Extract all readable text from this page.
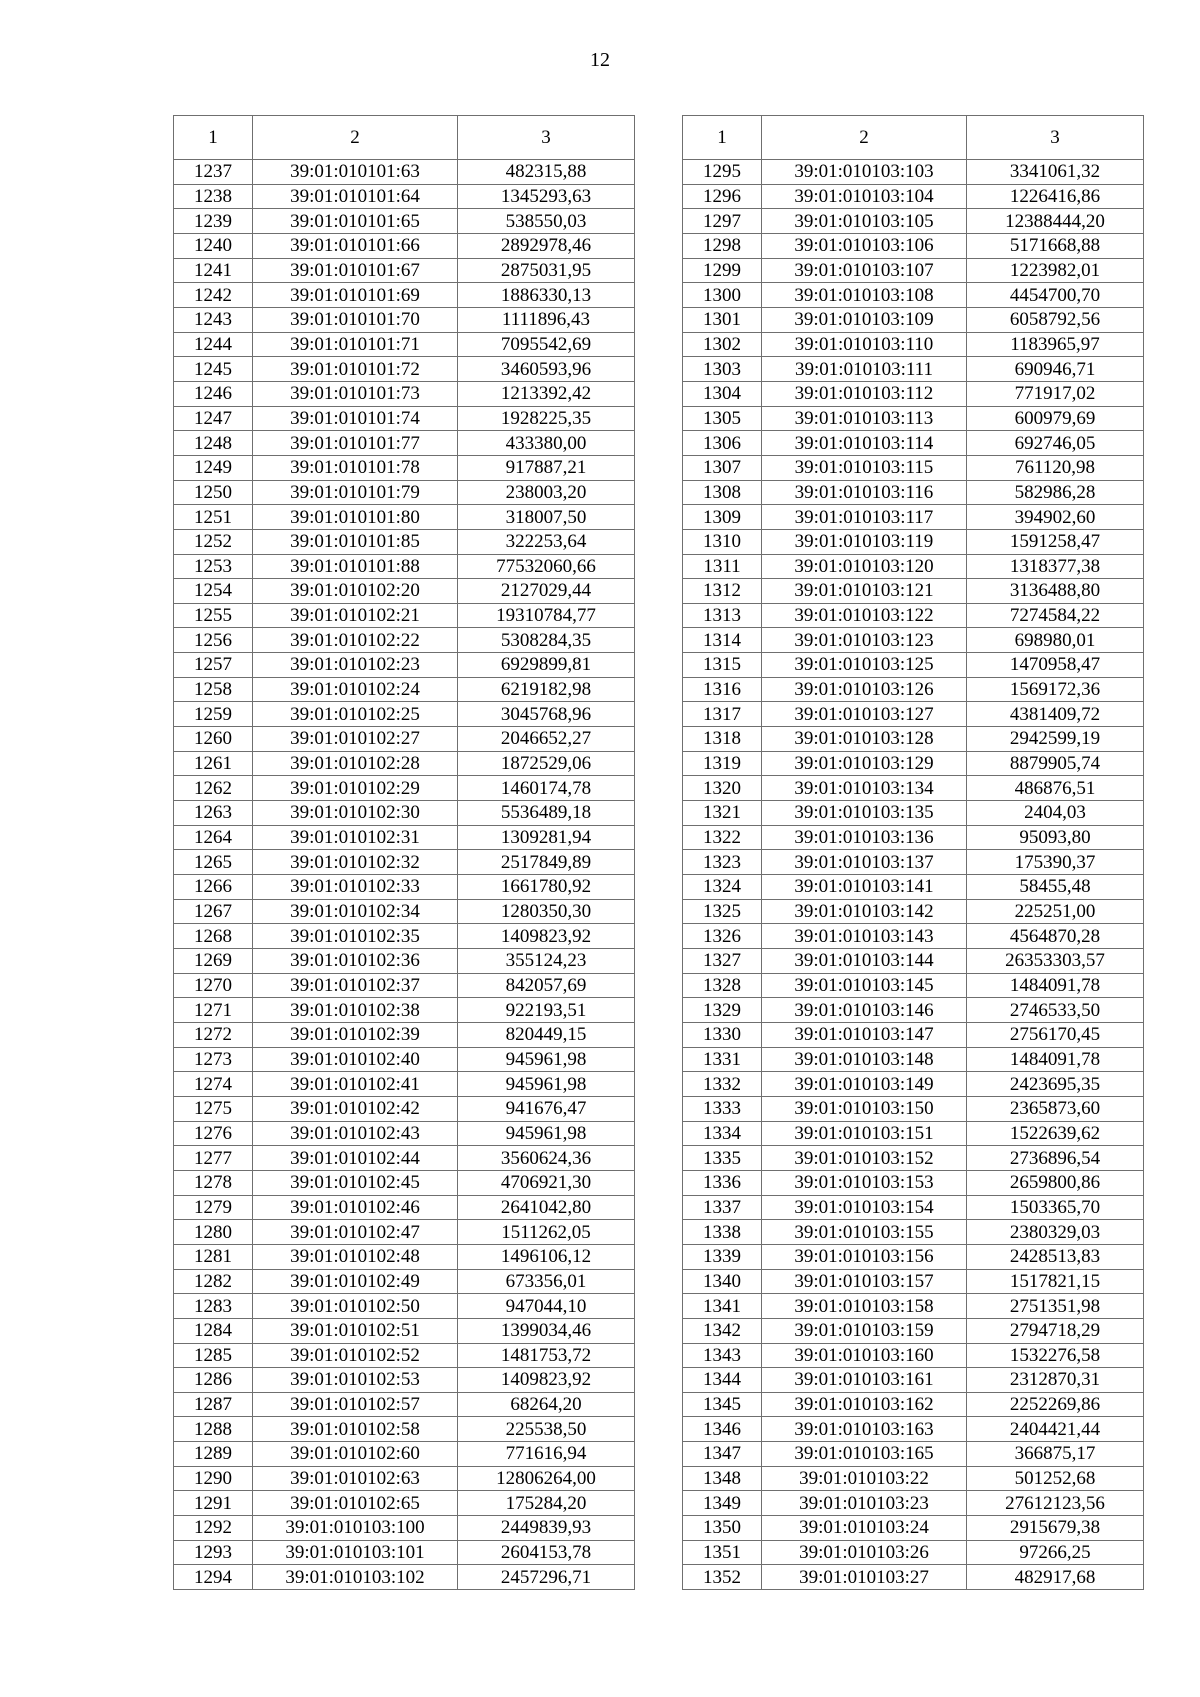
12
1	2	3
1237	39:01:010101:63	482315,88
1238	39:01:010101:64	1345293,63
1239	39:01:010101:65	538550,03
1240	39:01:010101:66	2892978,46
1241	39:01:010101:67	2875031,95
1242	39:01:010101:69	1886330,13
1243	39:01:010101:70	1111896,43
1244	39:01:010101:71	7095542,69
1245	39:01:010101:72	3460593,96
1246	39:01:010101:73	1213392,42
1247	39:01:010101:74	1928225,35
1248	39:01:010101:77	433380,00
1249	39:01:010101:78	917887,21
1250	39:01:010101:79	238003,20
1251	39:01:010101:80	318007,50
1252	39:01:010101:85	322253,64
1253	39:01:010101:88	77532060,66
1254	39:01:010102:20	2127029,44
1255	39:01:010102:21	19310784,77
1256	39:01:010102:22	5308284,35
1257	39:01:010102:23	6929899,81
1258	39:01:010102:24	6219182,98
1259	39:01:010102:25	3045768,96
1260	39:01:010102:27	2046652,27
1261	39:01:010102:28	1872529,06
1262	39:01:010102:29	1460174,78
1263	39:01:010102:30	5536489,18
1264	39:01:010102:31	1309281,94
1265	39:01:010102:32	2517849,89
1266	39:01:010102:33	1661780,92
1267	39:01:010102:34	1280350,30
1268	39:01:010102:35	1409823,92
1269	39:01:010102:36	355124,23
1270	39:01:010102:37	842057,69
1271	39:01:010102:38	922193,51
1272	39:01:010102:39	820449,15
1273	39:01:010102:40	945961,98
1274	39:01:010102:41	945961,98
1275	39:01:010102:42	941676,47
1276	39:01:010102:43	945961,98
1277	39:01:010102:44	3560624,36
1278	39:01:010102:45	4706921,30
1279	39:01:010102:46	2641042,80
1280	39:01:010102:47	1511262,05
1281	39:01:010102:48	1496106,12
1282	39:01:010102:49	673356,01
1283	39:01:010102:50	947044,10
1284	39:01:010102:51	1399034,46
1285	39:01:010102:52	1481753,72
1286	39:01:010102:53	1409823,92
1287	39:01:010102:57	68264,20
1288	39:01:010102:58	225538,50
1289	39:01:010102:60	771616,94
1290	39:01:010102:63	12806264,00
1291	39:01:010102:65	175284,20
1292	39:01:010103:100	2449839,93
1293	39:01:010103:101	2604153,78
1294	39:01:010103:102	2457296,71
1	2	3
1295	39:01:010103:103	3341061,32
1296	39:01:010103:104	1226416,86
1297	39:01:010103:105	12388444,20
1298	39:01:010103:106	5171668,88
1299	39:01:010103:107	1223982,01
1300	39:01:010103:108	4454700,70
1301	39:01:010103:109	6058792,56
1302	39:01:010103:110	1183965,97
1303	39:01:010103:111	690946,71
1304	39:01:010103:112	771917,02
1305	39:01:010103:113	600979,69
1306	39:01:010103:114	692746,05
1307	39:01:010103:115	761120,98
1308	39:01:010103:116	582986,28
1309	39:01:010103:117	394902,60
1310	39:01:010103:119	1591258,47
1311	39:01:010103:120	1318377,38
1312	39:01:010103:121	3136488,80
1313	39:01:010103:122	7274584,22
1314	39:01:010103:123	698980,01
1315	39:01:010103:125	1470958,47
1316	39:01:010103:126	1569172,36
1317	39:01:010103:127	4381409,72
1318	39:01:010103:128	2942599,19
1319	39:01:010103:129	8879905,74
1320	39:01:010103:134	486876,51
1321	39:01:010103:135	2404,03
1322	39:01:010103:136	95093,80
1323	39:01:010103:137	175390,37
1324	39:01:010103:141	58455,48
1325	39:01:010103:142	225251,00
1326	39:01:010103:143	4564870,28
1327	39:01:010103:144	26353303,57
1328	39:01:010103:145	1484091,78
1329	39:01:010103:146	2746533,50
1330	39:01:010103:147	2756170,45
1331	39:01:010103:148	1484091,78
1332	39:01:010103:149	2423695,35
1333	39:01:010103:150	2365873,60
1334	39:01:010103:151	1522639,62
1335	39:01:010103:152	2736896,54
1336	39:01:010103:153	2659800,86
1337	39:01:010103:154	1503365,70
1338	39:01:010103:155	2380329,03
1339	39:01:010103:156	2428513,83
1340	39:01:010103:157	1517821,15
1341	39:01:010103:158	2751351,98
1342	39:01:010103:159	2794718,29
1343	39:01:010103:160	1532276,58
1344	39:01:010103:161	2312870,31
1345	39:01:010103:162	2252269,86
1346	39:01:010103:163	2404421,44
1347	39:01:010103:165	366875,17
1348	39:01:010103:22	501252,68
1349	39:01:010103:23	27612123,56
1350	39:01:010103:24	2915679,38
1351	39:01:010103:26	97266,25
1352	39:01:010103:27	482917,68
